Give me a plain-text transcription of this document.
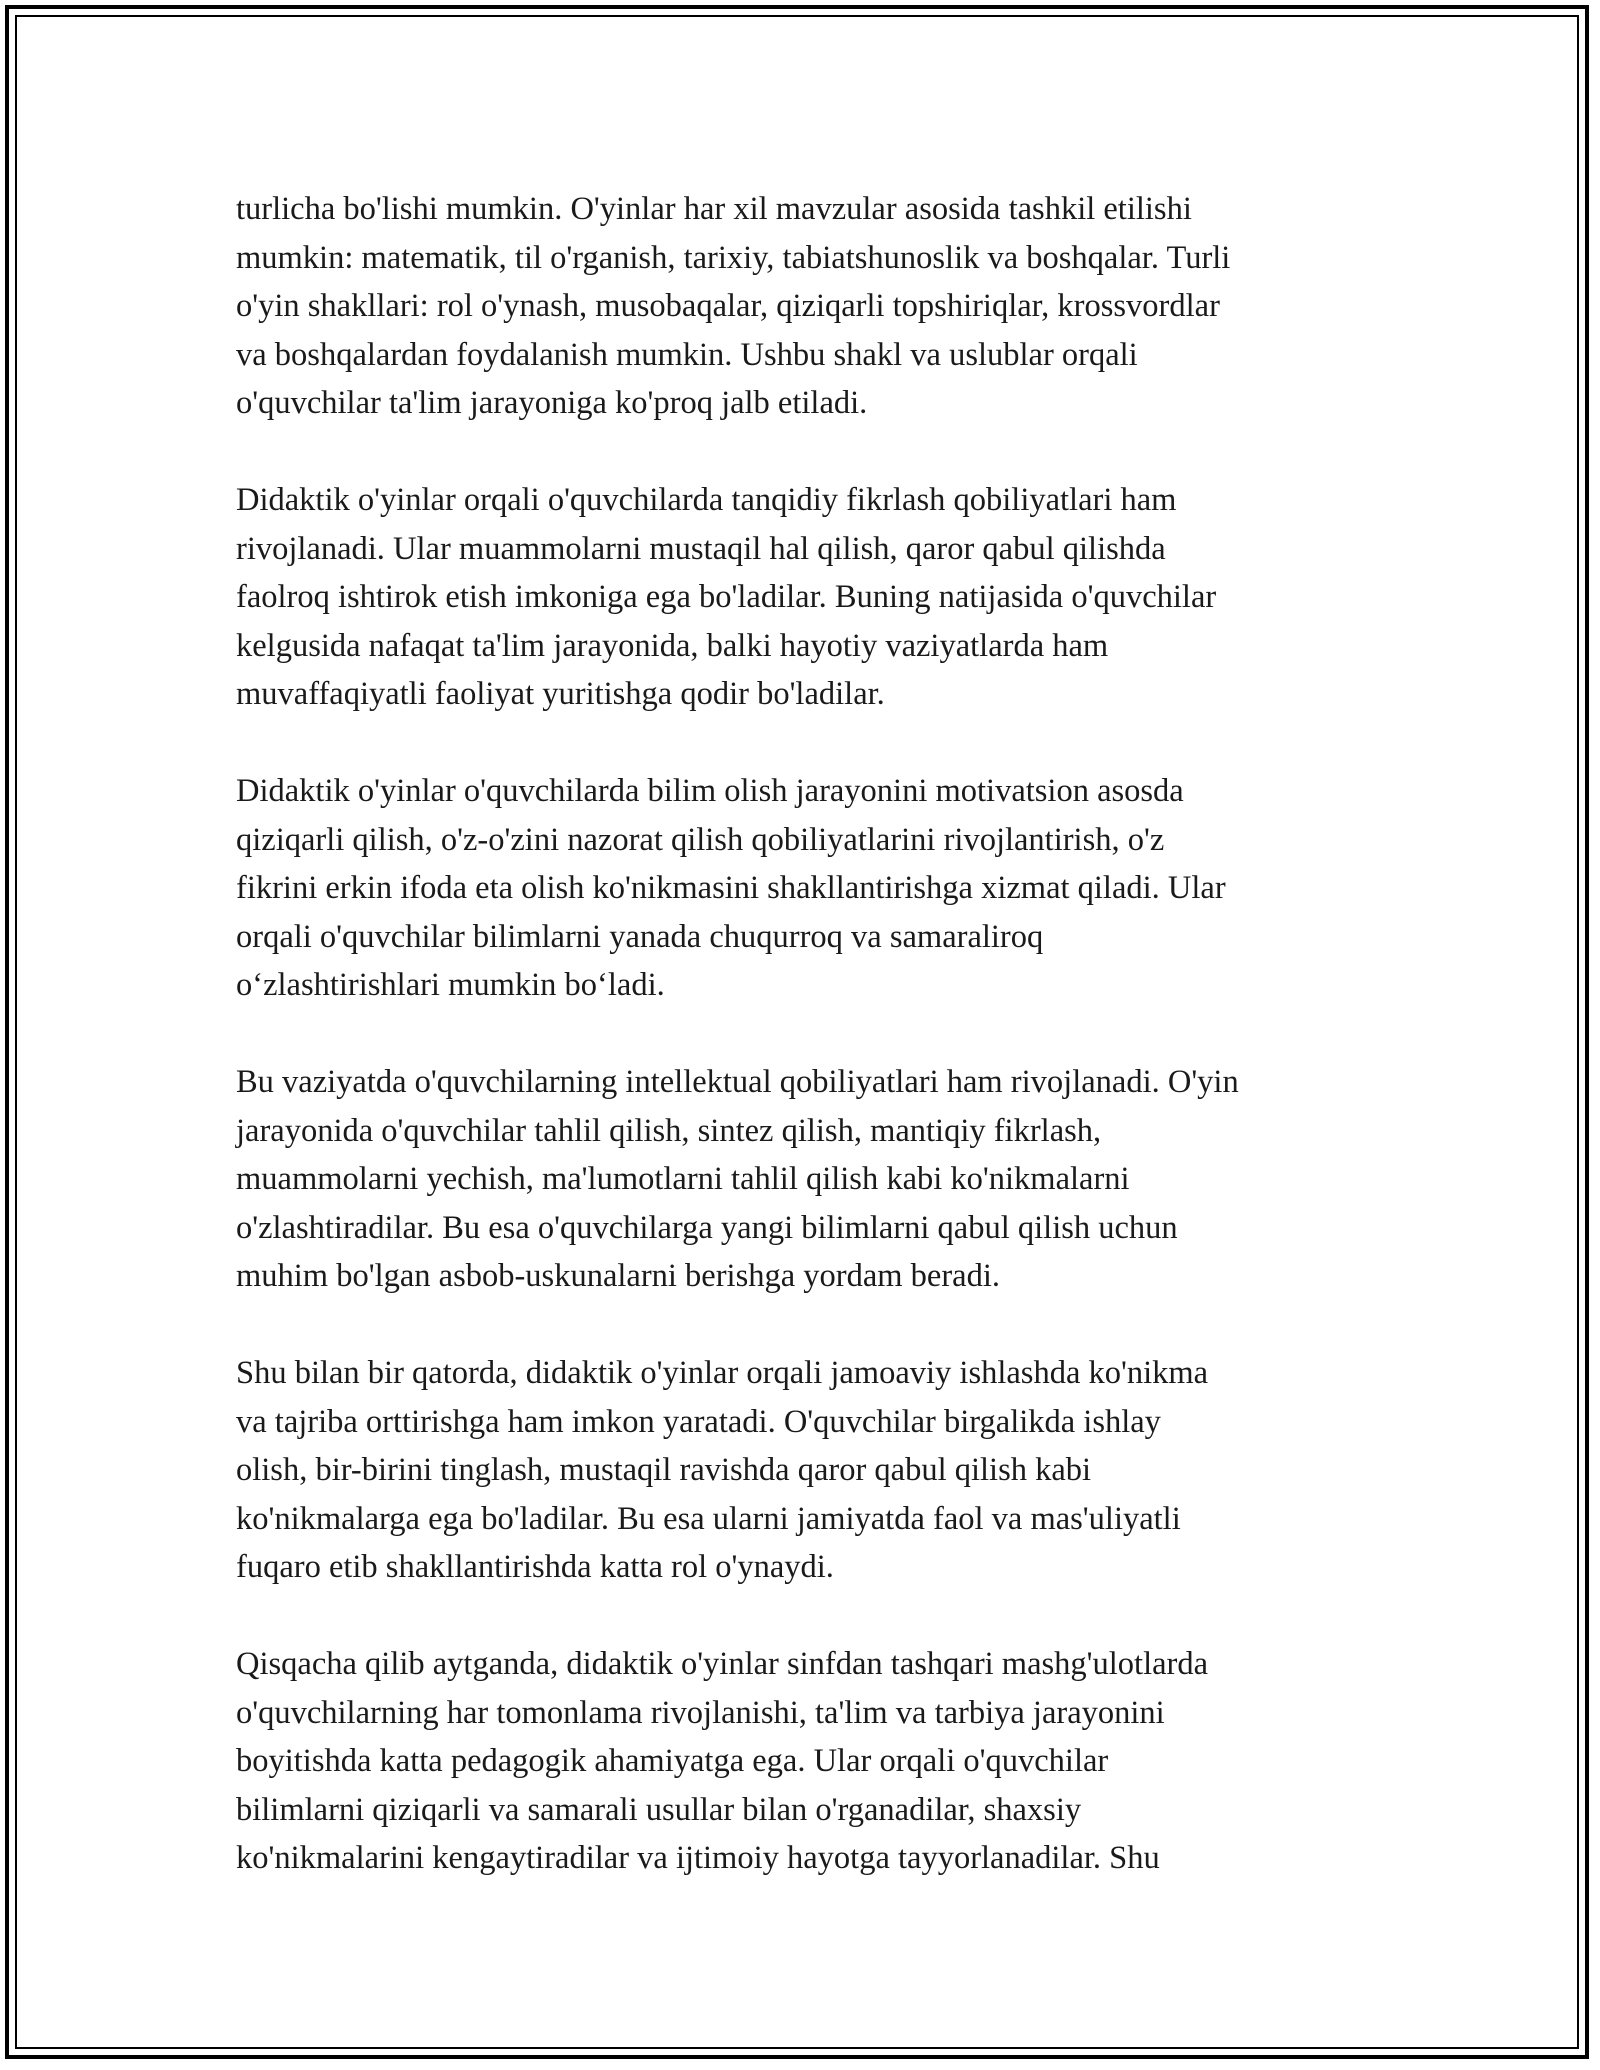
turlicha bo'lishi mumkin. O'yinlar har xil mavzular asosida tashkil etilishi
mumkin: matematik, til o'rganish, tarixiy, tabiatshunoslik va boshqalar. Turli
o'yin shakllari: rol o'ynash, musobaqalar, qiziqarli topshiriqlar, krossvordlar
va boshqalardan foydalanish mumkin. Ushbu shakl va uslublar orqali
o'quvchilar ta'lim jarayoniga ko'proq jalb etiladi.
Didaktik o'yinlar orqali o'quvchilarda tanqidiy fikrlash qobiliyatlari ham
rivojlanadi. Ular muammolarni mustaqil hal qilish, qaror qabul qilishda
faolroq ishtirok etish imkoniga ega bo'ladilar. Buning natijasida o'quvchilar
kelgusida nafaqat ta'lim jarayonida, balki hayotiy vaziyatlarda ham
muvaffaqiyatli faoliyat yuritishga qodir bo'ladilar.
Didaktik o'yinlar o'quvchilarda bilim olish jarayonini motivatsion asosda
qiziqarli qilish, o'z-o'zini nazorat qilish qobiliyatlarini rivojlantirish, o'z
fikrini erkin ifoda eta olish ko'nikmasini shakllantirishga xizmat qiladi. Ular
orqali o'quvchilar bilimlarni yanada chuqurroq va samaraliroq
o‘zlashtirishlari mumkin bo‘ladi.
Bu vaziyatda o'quvchilarning intellektual qobiliyatlari ham rivojlanadi. O'yin
jarayonida o'quvchilar tahlil qilish, sintez qilish, mantiqiy fikrlash,
muammolarni yechish, ma'lumotlarni tahlil qilish kabi ko'nikmalarni
o'zlashtiradilar. Bu esa o'quvchilarga yangi bilimlarni qabul qilish uchun
muhim bo'lgan asbob-uskunalarni berishga yordam beradi.
Shu bilan bir qatorda, didaktik o'yinlar orqali jamoaviy ishlashda ko'nikma
va tajriba orttirishga ham imkon yaratadi. O'quvchilar birgalikda ishlay
olish, bir-birini tinglash, mustaqil ravishda qaror qabul qilish kabi
ko'nikmalarga ega bo'ladilar. Bu esa ularni jamiyatda faol va mas'uliyatli
fuqaro etib shakllantirishda katta rol o'ynaydi.
Qisqacha qilib aytganda, didaktik o'yinlar sinfdan tashqari mashg'ulotlarda
o'quvchilarning har tomonlama rivojlanishi, ta'lim va tarbiya jarayonini
boyitishda katta pedagogik ahamiyatga ega. Ular orqali o'quvchilar
bilimlarni qiziqarli va samarali usullar bilan o'rganadilar, shaxsiy
ko'nikmalarini kengaytiradilar va ijtimoiy hayotga tayyorlanadilar. Shu
